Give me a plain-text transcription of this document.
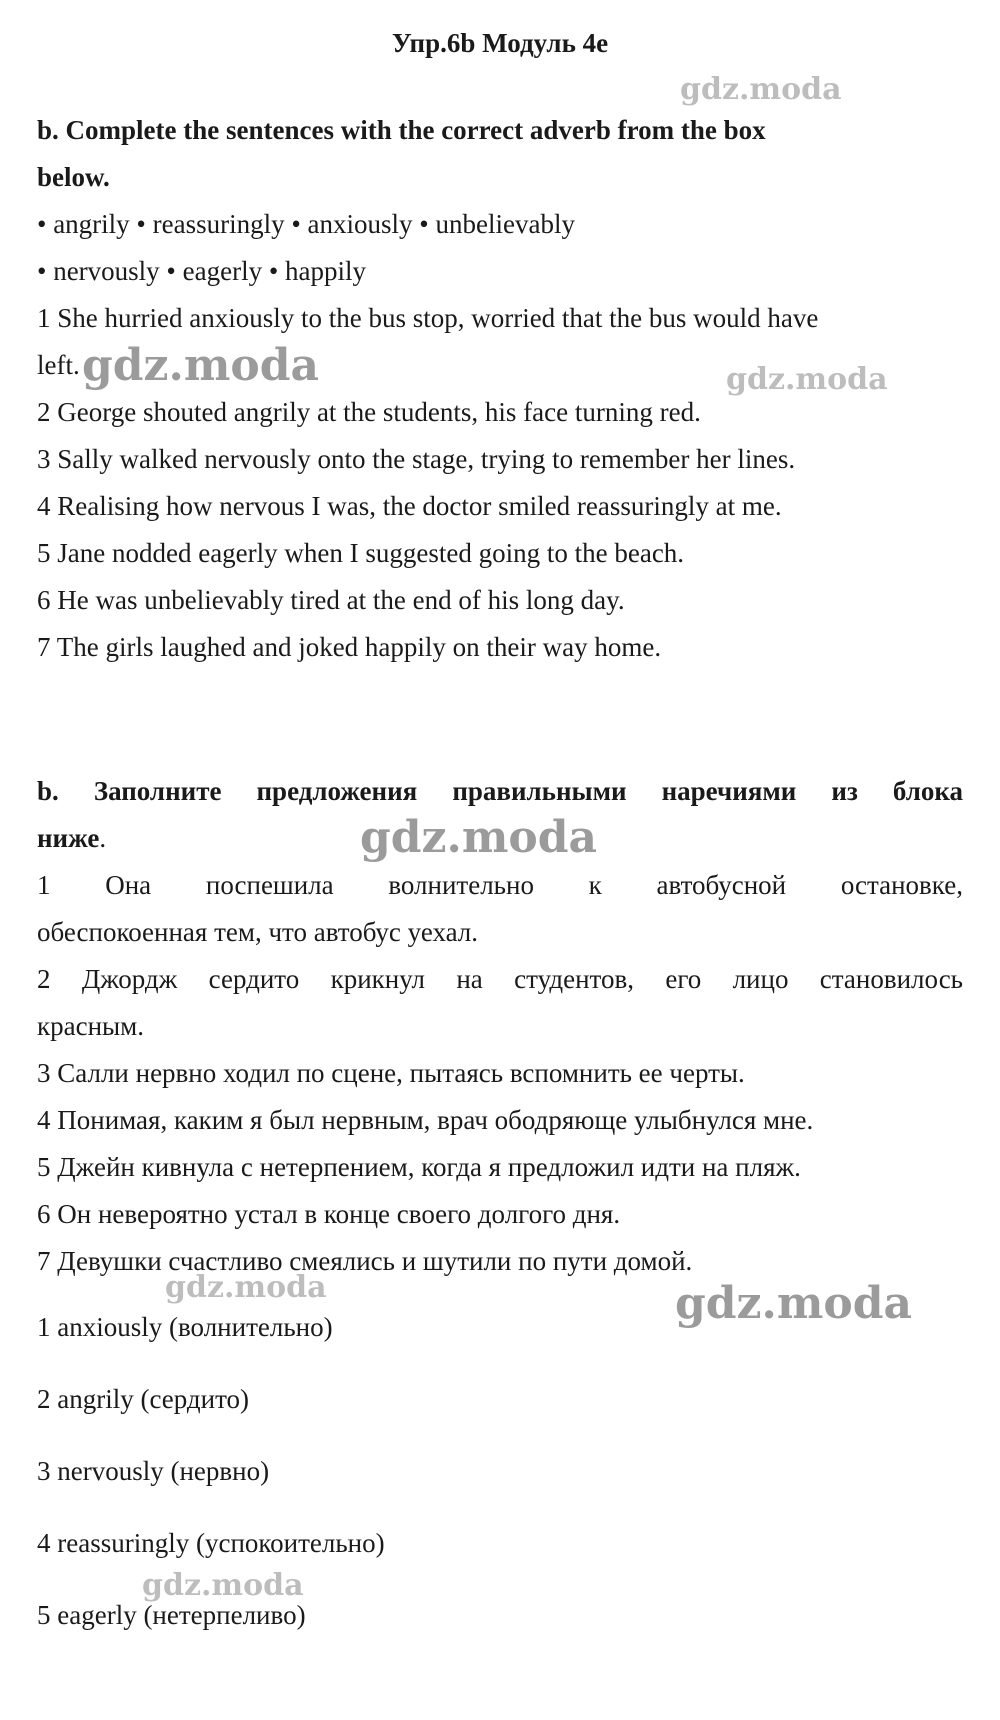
Упр.6b Модуль 4e
b. Complete the sentences with the correct adverb from the box
below.
• angrily • reassuringly • anxiously • unbelievably
• nervously • eagerly • happily
1 She hurried anxiously to the bus stop, worried that the bus would have
left.
2 George shouted angrily at the students, his face turning red.
3 Sally walked nervously onto the stage, trying to remember her lines.
4 Realising how nervous I was, the doctor smiled reassuringly at me.
5 Jane nodded eagerly when I suggested going to the beach.
6 He was unbelievably tired at the end of his long day.
7 The girls laughed and joked happily on their way home.
b. Заполните предложения правильными наречиями из блока
ниже.
1 Она поспешила волнительно к автобусной остановке,
обеспокоенная тем, что автобус уехал.
2 Джордж сердито крикнул на студентов, его лицо становилось
красным.
3 Салли нервно ходил по сцене, пытаясь вспомнить ее черты.
4 Понимая, каким я был нервным, врач ободряюще улыбнулся мне.
5 Джейн кивнула с нетерпением, когда я предложил идти на пляж.
6 Он невероятно устал в конце своего долгого дня.
7 Девушки счастливо смеялись и шутили по пути домой.
1 anxiously (волнительно)
2 angrily (сердито)
3 nervously (нервно)
4 reassuringly (успокоительно)
5 eagerly (нетерпеливо)
gdz.moda
gdz.moda	gdz.moda
gdz.moda
gdz.moda	gdz.moda
gdz.moda
